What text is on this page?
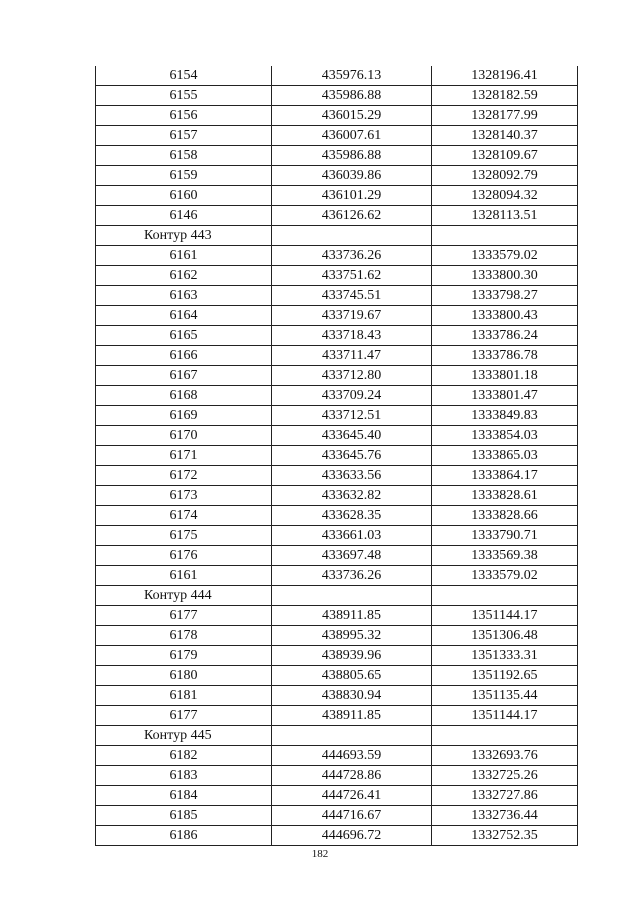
6154	435976.13	1328196.41
6155	435986.88	1328182.59
6156	436015.29	1328177.99
6157	436007.61	1328140.37
6158	435986.88	1328109.67
6159	436039.86	1328092.79
6160	436101.29	1328094.32
6146	436126.62	1328113.51
Контур 443		
6161	433736.26	1333579.02
6162	433751.62	1333800.30
6163	433745.51	1333798.27
6164	433719.67	1333800.43
6165	433718.43	1333786.24
6166	433711.47	1333786.78
6167	433712.80	1333801.18
6168	433709.24	1333801.47
6169	433712.51	1333849.83
6170	433645.40	1333854.03
6171	433645.76	1333865.03
6172	433633.56	1333864.17
6173	433632.82	1333828.61
6174	433628.35	1333828.66
6175	433661.03	1333790.71
6176	433697.48	1333569.38
6161	433736.26	1333579.02
Контур 444		
6177	438911.85	1351144.17
6178	438995.32	1351306.48
6179	438939.96	1351333.31
6180	438805.65	1351192.65
6181	438830.94	1351135.44
6177	438911.85	1351144.17
Контур 445		
6182	444693.59	1332693.76
6183	444728.86	1332725.26
6184	444726.41	1332727.86
6185	444716.67	1332736.44
6186	444696.72	1332752.35
182
